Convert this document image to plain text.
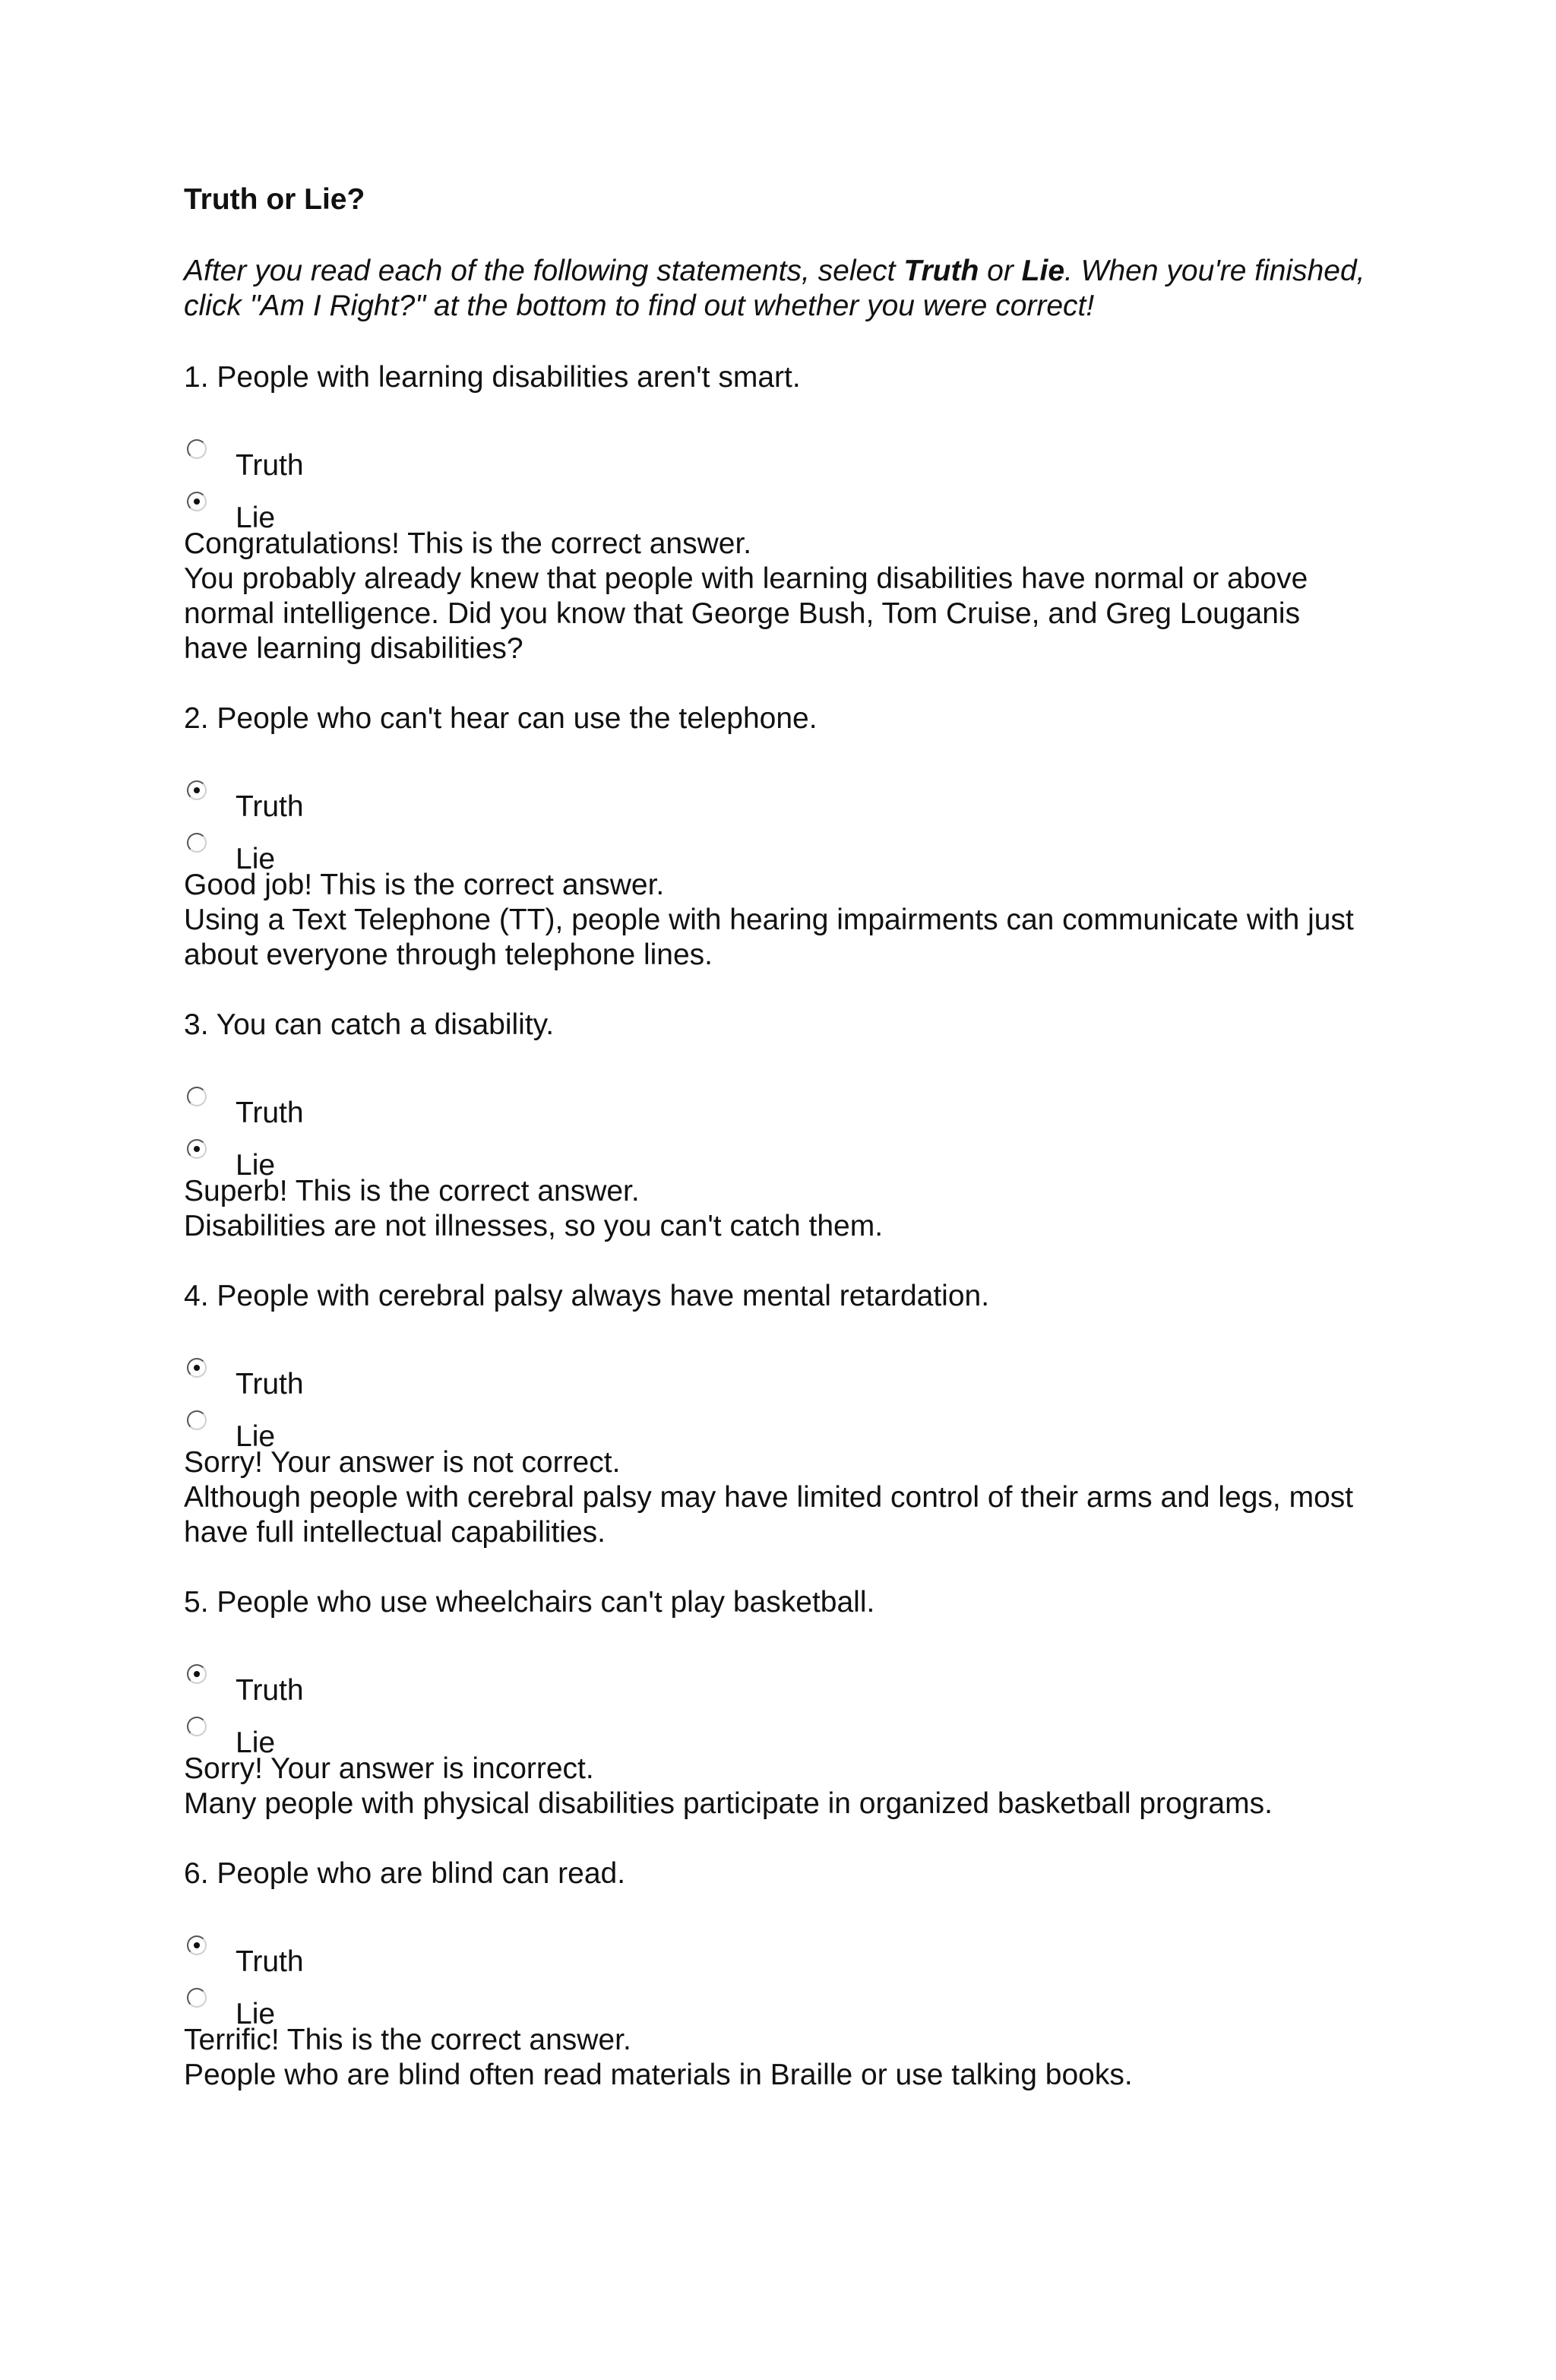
Truth or Lie?
After you read each of the following statements, select Truth or Lie. When you're finished, click "Am I Right?" at the bottom to find out whether you were correct!
1. People with learning disabilities aren't smart.
Truth
Lie
Congratulations! This is the correct answer.
You probably already knew that people with learning disabilities have normal or above normal intelligence. Did you know that George Bush, Tom Cruise, and Greg Louganis have learning disabilities?
2. People who can't hear can use the telephone.
Truth
Lie
Good job! This is the correct answer.
Using a Text Telephone (TT), people with hearing impairments can communicate with just about everyone through telephone lines.
3. You can catch a disability.
Truth
Lie
Superb! This is the correct answer.
Disabilities are not illnesses, so you can't catch them.
4. People with cerebral palsy always have mental retardation.
Truth
Lie
Sorry! Your answer is not correct.
Although people with cerebral palsy may have limited control of their arms and legs, most have full intellectual capabilities.
5. People who use wheelchairs can't play basketball.
Truth
Lie
Sorry! Your answer is incorrect.
Many people with physical disabilities participate in organized basketball programs.
6. People who are blind can read.
Truth
Lie
Terrific! This is the correct answer.
People who are blind often read materials in Braille or use talking books.
